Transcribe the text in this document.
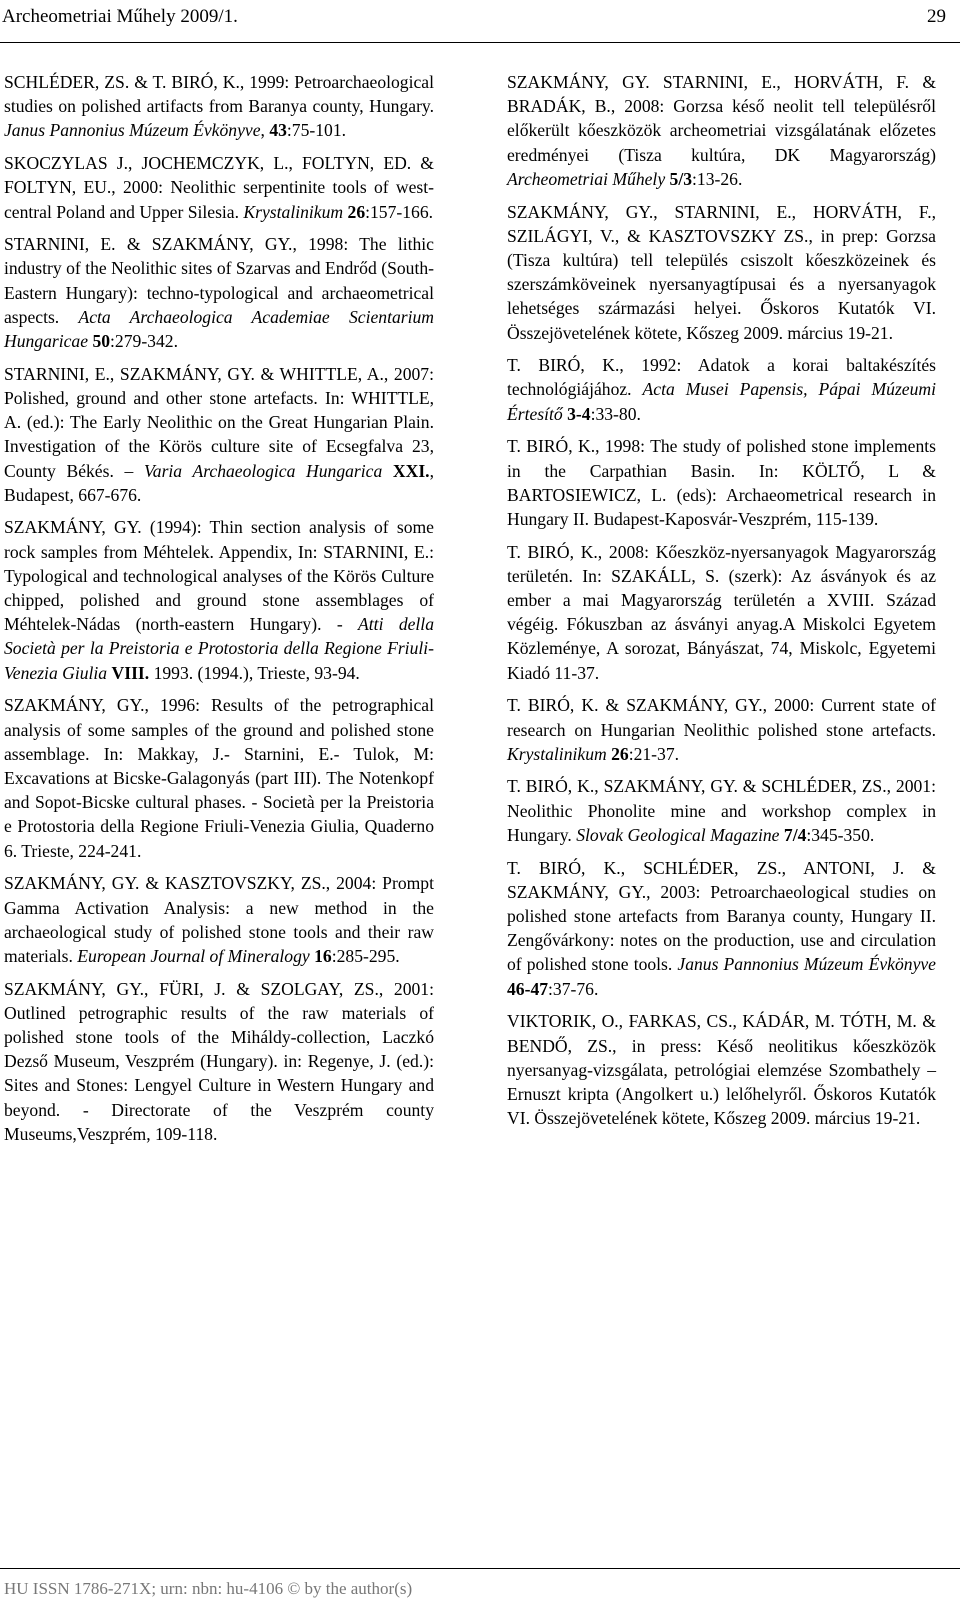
Archeometriai Műhely 2009/1.	29

SCHLÉDER, ZS. & T. BIRÓ, K., 1999: Petroarchaeological studies on polished artifacts from Baranya county, Hungary. Janus Pannonius Múzeum Évkönyve, 43:75-101.

SKOCZYLAS J., JOCHEMCZYK, L., FOLTYN, ED. & FOLTYN, EU., 2000: Neolithic serpentinite tools of west-central Poland and Upper Silesia. Krystalinikum 26:157-166.

STARNINI, E. & SZAKMÁNY, GY., 1998: The lithic industry of the Neolithic sites of Szarvas and Endrőd (South-Eastern Hungary): techno-typological and archaeometrical aspects. Acta Archaeologica Academiae Scientarium Hungaricae 50:279-342.

STARNINI, E., SZAKMÁNY, GY. & WHITTLE, A., 2007: Polished, ground and other stone artefacts. In: WHITTLE, A. (ed.): The Early Neolithic on the Great Hungarian Plain. Investigation of the Körös culture site of Ecsegfalva 23, County Békés. – Varia Archaeologica Hungarica XXI., Budapest, 667-676.

SZAKMÁNY, GY. (1994): Thin section analysis of some rock samples from Méhtelek. Appendix, In: STARNINI, E.: Typological and technological analyses of the Körös Culture chipped, polished and ground stone assemblages of Méhtelek-Nádas (north-eastern Hungary). - Atti della Società per la Preistoria e Protostoria della Regione Friuli-Venezia Giulia VIII. 1993. (1994.), Trieste, 93-94.

SZAKMÁNY, GY., 1996: Results of the petrographical analysis of some samples of the ground and polished stone assemblage. In: Makkay, J.- Starnini, E.- Tulok, M: Excavations at Bicske-Galagonyás (part III). The Notenkopf and Sopot-Bicske cultural phases. - Società per la Preistoria e Protostoria della Regione Friuli-Venezia Giulia, Quaderno 6. Trieste, 224-241.

SZAKMÁNY, GY. & KASZTOVSZKY, ZS., 2004: Prompt Gamma Activation Analysis: a new method in the archaeological study of polished stone tools and their raw materials. European Journal of Mineralogy 16:285-295.

SZAKMÁNY, GY., FÜRI, J. & SZOLGAY, ZS., 2001: Outlined petrographic results of the raw materials of polished stone tools of the Miháldy-collection, Laczkó Dezső Museum, Veszprém (Hungary). in: Regenye, J. (ed.): Sites and Stones: Lengyel Culture in Western Hungary and beyond. - Directorate of the Veszprém county Museums,Veszprém, 109-118.

SZAKMÁNY, GY. STARNINI, E., HORVÁTH, F. & BRADÁK, B., 2008: Gorzsa késő neolit tell településről előkerült kőeszközök archeometriai vizsgálatának előzetes eredményei (Tisza kultúra, DK Magyarország) Archeometriai Műhely 5/3:13-26.

SZAKMÁNY, GY., STARNINI, E., HORVÁTH, F., SZILÁGYI, V., & KASZTOVSZKY ZS., in prep: Gorzsa (Tisza kultúra) tell település csiszolt kőeszközeinek és szerszámköveinek nyersanyagtípusai és a nyersanyagok lehetséges származási helyei. Őskoros Kutatók VI. Összejövetelének kötete, Kőszeg 2009. március 19-21.

T. BIRÓ, K., 1992: Adatok a korai baltakészítés technológiájához. Acta Musei Papensis, Pápai Múzeumi Értesítő 3-4:33-80.

T. BIRÓ, K., 1998: The study of polished stone implements in the Carpathian Basin. In: KÖLTŐ, L & BARTOSIEWICZ, L. (eds): Archaeometrical research in Hungary II. Budapest-Kaposvár-Veszprém, 115-139.

T. BIRÓ, K., 2008: Kőeszköz-nyersanyagok Magyarország területén. In: SZAKÁLL, S. (szerk): Az ásványok és az ember a mai Magyarország területén a XVIII. Század végéig. Fókuszban az ásványi anyag.A Miskolci Egyetem Közleménye, A sorozat, Bányászat, 74, Miskolc, Egyetemi Kiadó 11-37.

T. BIRÓ, K. & SZAKMÁNY, GY., 2000: Current state of research on Hungarian Neolithic polished stone artefacts. Krystalinikum 26:21-37.

T. BIRÓ, K., SZAKMÁNY, GY. & SCHLÉDER, ZS., 2001: Neolithic Phonolite mine and workshop complex in Hungary. Slovak Geological Magazine 7/4:345-350.

T. BIRÓ, K., SCHLÉDER, ZS., ANTONI, J. & SZAKMÁNY, GY., 2003: Petroarchaeological studies on polished stone artefacts from Baranya county, Hungary II. Zengővárkony: notes on the production, use and circulation of polished stone tools. Janus Pannonius Múzeum Évkönyve 46-47:37-76.

VIKTORIK, O., FARKAS, CS., KÁDÁR, M. TÓTH, M. & BENDŐ, ZS., in press: Késő neolitikus kőeszközök nyersanyag-vizsgálata, petrológiai elemzése Szombathely – Ernuszt kripta (Angolkert u.) lelőhelyről. Őskoros Kutatók VI. Összejövetelének kötete, Kőszeg 2009. március 19-21.

HU ISSN 1786-271X; urn: nbn: hu-4106 © by the author(s)
